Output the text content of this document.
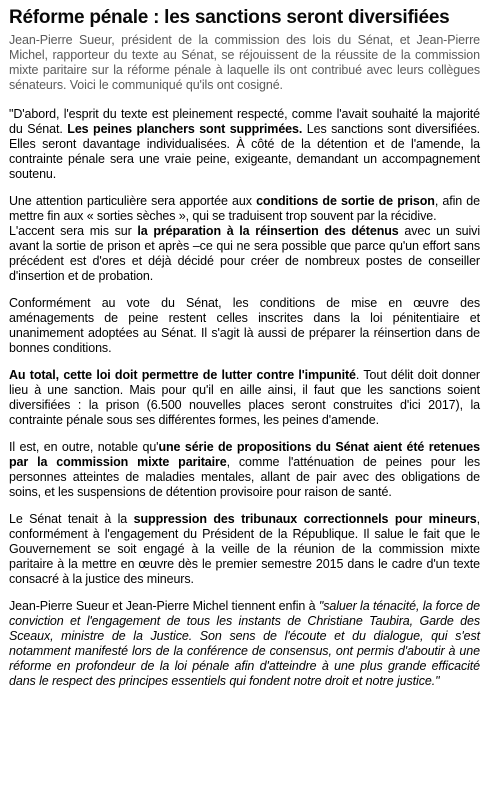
Réforme pénale : les sanctions seront diversifiées

Jean-Pierre Sueur, président de la commission des lois du Sénat, et Jean-Pierre Michel, rapporteur du texte au Sénat, se réjouissent de la réussite de la commission mixte paritaire sur la réforme pénale à laquelle ils ont contribué avec leurs collègues sénateurs. Voici le communiqué qu'ils ont cosigné.

"D'abord, l'esprit du texte est pleinement respecté, comme l'avait souhaité la majorité du Sénat. Les peines planchers sont supprimées. Les sanctions sont diversifiées. Elles seront davantage individualisées. À côté de la détention et de l'amende, la contrainte pénale sera une vraie peine, exigeante, demandant un accompagnement soutenu.

Une attention particulière sera apportée aux conditions de sortie de prison, afin de mettre fin aux « sorties sèches », qui se traduisent trop souvent par la récidive.

L'accent sera mis sur la préparation à la réinsertion des détenus avec un suivi avant la sortie de prison et après –ce qui ne sera possible que parce qu'un effort sans précédent est d'ores et déjà décidé pour créer de nombreux postes de conseiller d'insertion et de probation.

Conformément au vote du Sénat, les conditions de mise en œuvre des aménagements de peine restent celles inscrites dans la loi pénitentiaire et unanimement adoptées au Sénat. Il s'agit là aussi de préparer la réinsertion dans de bonnes conditions.

Au total, cette loi doit permettre de lutter contre l'impunité. Tout délit doit donner lieu à une sanction. Mais pour qu'il en aille ainsi, il faut que les sanctions soient diversifiées : la prison (6.500 nouvelles places seront construites d'ici 2017), la contrainte pénale sous ses différentes formes, les peines d'amende.

Il est, en outre, notable qu'une série de propositions du Sénat aient été retenues par la commission mixte paritaire, comme l'atténuation de peines pour les personnes atteintes de maladies mentales, allant de pair avec des obligations de soins, et les suspensions de détention provisoire pour raison de santé.

Le Sénat tenait à la suppression des tribunaux correctionnels pour mineurs, conformément à l'engagement du Président de la République. Il salue le fait que le Gouvernement se soit engagé à la veille de la réunion de la commission mixte paritaire à la mettre en œuvre dès le premier semestre 2015 dans le cadre d'un texte consacré à la justice des mineurs.

Jean-Pierre Sueur et Jean-Pierre Michel tiennent enfin à "saluer la ténacité, la force de conviction et l'engagement de tous les instants de Christiane Taubira, Garde des Sceaux, ministre de la Justice. Son sens de l'écoute et du dialogue, qui s'est notamment manifesté lors de la conférence de consensus, ont permis d'aboutir à une réforme en profondeur de la loi pénale afin d'atteindre à une plus grande efficacité dans le respect des principes essentiels qui fondent notre droit et notre justice."
